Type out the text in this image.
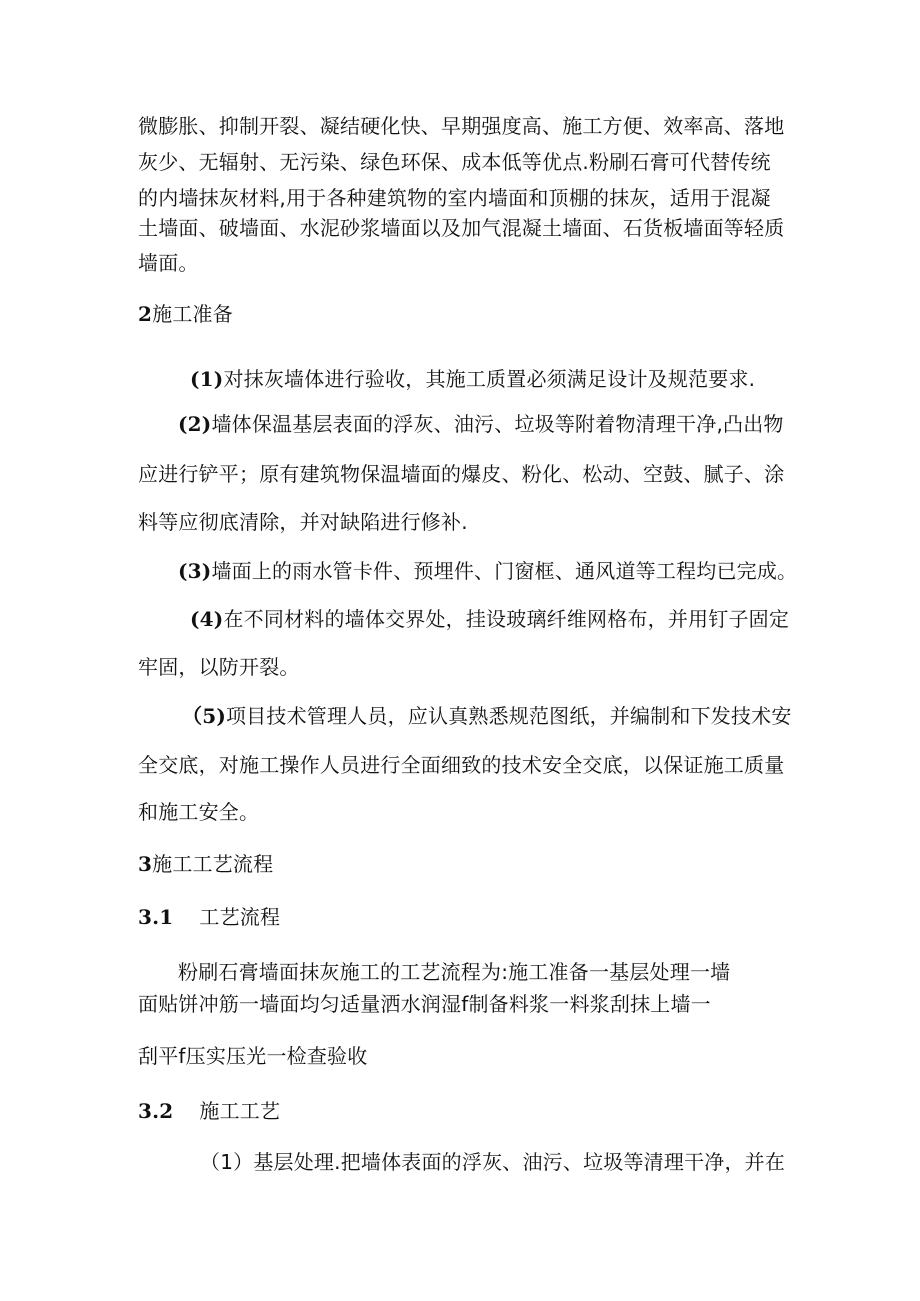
微膨胀、抑制开裂、凝结硬化快、早期强度高、施工方便、效率高、落地
灰少、无辐射、无污染、绿色环保、成本低等优点.粉刷石膏可代替传统
的内墙抹灰材料,用于各种建筑物的室内墙面和顶棚的抹灰，适用于混凝
土墙面、破墙面、水泥砂浆墙面以及加气混凝土墙面、石货板墙面等轻质
墙面。
2施工准备
(1)对抹灰墙体进行验收，其施工质置必须满足设计及规范要求.
(2)墙体保温基层表面的浮灰、油污、垃圾等附着物清理干净,凸出物
应进行铲平；原有建筑物保温墙面的爆皮、粉化、松动、空鼓、腻子、涂
料等应彻底清除，并对缺陷进行修补.
(3)墙面上的雨水管卡件、预埋件、门窗框、通风道等工程均已完成。
(4)在不同材料的墙体交界处，挂设玻璃纤维网格布，并用钉子固定
牢固，以防开裂。
（5)项目技术管理人员，应认真熟悉规范图纸，并编制和下发技术安
全交底，对施工操作人员进行全面细致的技术安全交底，以保证施工质量
和施工安全。
3施工工艺流程
3.1 工艺流程
粉刷石膏墙面抹灰施工的工艺流程为:施工准备一基层处理一墙
面贴饼冲筋一墙面均匀适量洒水润湿f制备料浆一料浆刮抹上墙一
刮平f压实压光一检查验收
3.2 施工工艺
（1）基层处理.把墙体表面的浮灰、油污、垃圾等清理干净，并在
